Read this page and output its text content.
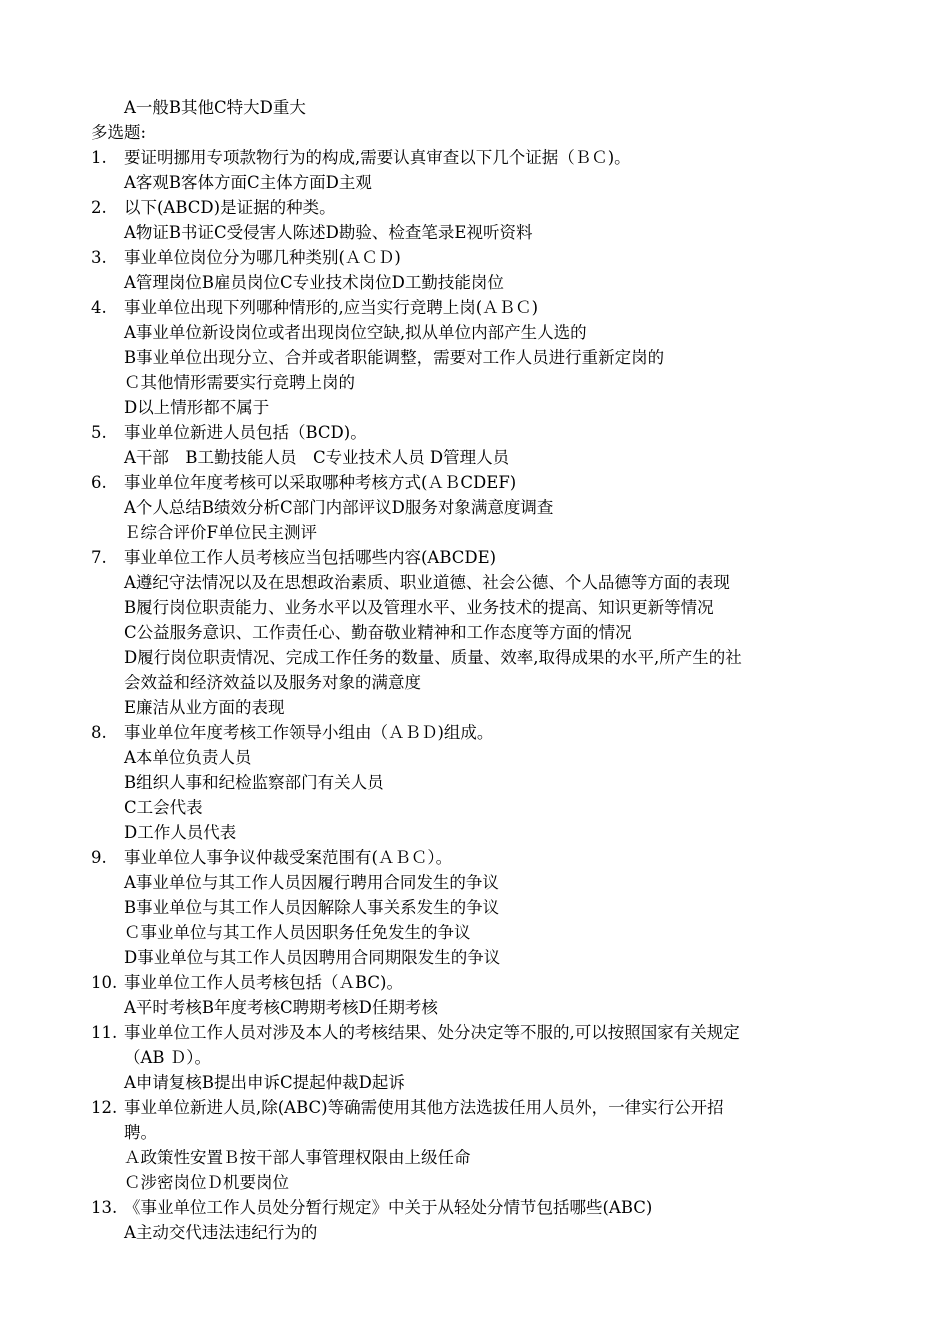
A一般B其他C特大D重大
多选题:
1.	要证明挪用专项款物行为的构成,需要认真审查以下几个证据（ＢＣ)。
A客观B客体方面C主体方面D主观
2.	以下(ABCD)是证据的种类。
A物证B书证C受侵害人陈述D勘验、检查笔录E视听资料
3.	事业单位岗位分为哪几种类别(ＡＣＤ)
A管理岗位B雇员岗位C专业技术岗位D工勤技能岗位
4.	事业单位出现下列哪种情形的,应当实行竞聘上岗(ＡＢＣ)
A事业单位新设岗位或者出现岗位空缺,拟从单位内部产生人选的
B事业单位出现分立、合并或者职能调整，需要对工作人员进行重新定岗的
Ｃ其他情形需要实行竞聘上岗的
D以上情形都不属于
5.	事业单位新进人员包括（BCD)。
A干部　B工勤技能人员　C专业技术人员 D管理人员
6.	事业单位年度考核可以采取哪种考核方式(ＡＢCDEF)
A个人总结B绩效分析C部门内部评议D服务对象满意度调查
Ｅ综合评价F单位民主测评
7.	事业单位工作人员考核应当包括哪些内容(ABCDE)
A遵纪守法情况以及在思想政治素质、职业道德、社会公德、个人品德等方面的表现
B履行岗位职责能力、业务水平以及管理水平、业务技术的提高、知识更新等情况
C公益服务意识、工作责任心、勤奋敬业精神和工作态度等方面的情况
D履行岗位职责情况、完成工作任务的数量、质量、效率,取得成果的水平,所产生的社
会效益和经济效益以及服务对象的满意度
E廉洁从业方面的表现
8.	事业单位年度考核工作领导小组由（ＡＢＤ)组成。
A本单位负责人员
B组织人事和纪检监察部门有关人员
C工会代表
D工作人员代表
9.	事业单位人事争议仲裁受案范围有(ＡＢＣ）。
A事业单位与其工作人员因履行聘用合同发生的争议
B事业单位与其工作人员因解除人事关系发生的争议
Ｃ事业单位与其工作人员因职务任免发生的争议
D事业单位与其工作人员因聘用合同期限发生的争议
10. 事业单位工作人员考核包括（ＡBC)。
A平时考核B年度考核C聘期考核D任期考核
11. 事业单位工作人员对涉及本人的考核结果、处分决定等不服的,可以按照国家有关规定
（AB Ｄ）。
A申请复核B提出申诉C提起仲裁D起诉
12. 事业单位新进人员,除(ABC)等确需使用其他方法选拔任用人员外，一律实行公开招
聘。
Ａ政策性安置Ｂ按干部人事管理权限由上级任命
Ｃ涉密岗位Ｄ机要岗位
13. 《事业单位工作人员处分暂行规定》中关于从轻处分情节包括哪些(ABC)
A主动交代违法违纪行为的
